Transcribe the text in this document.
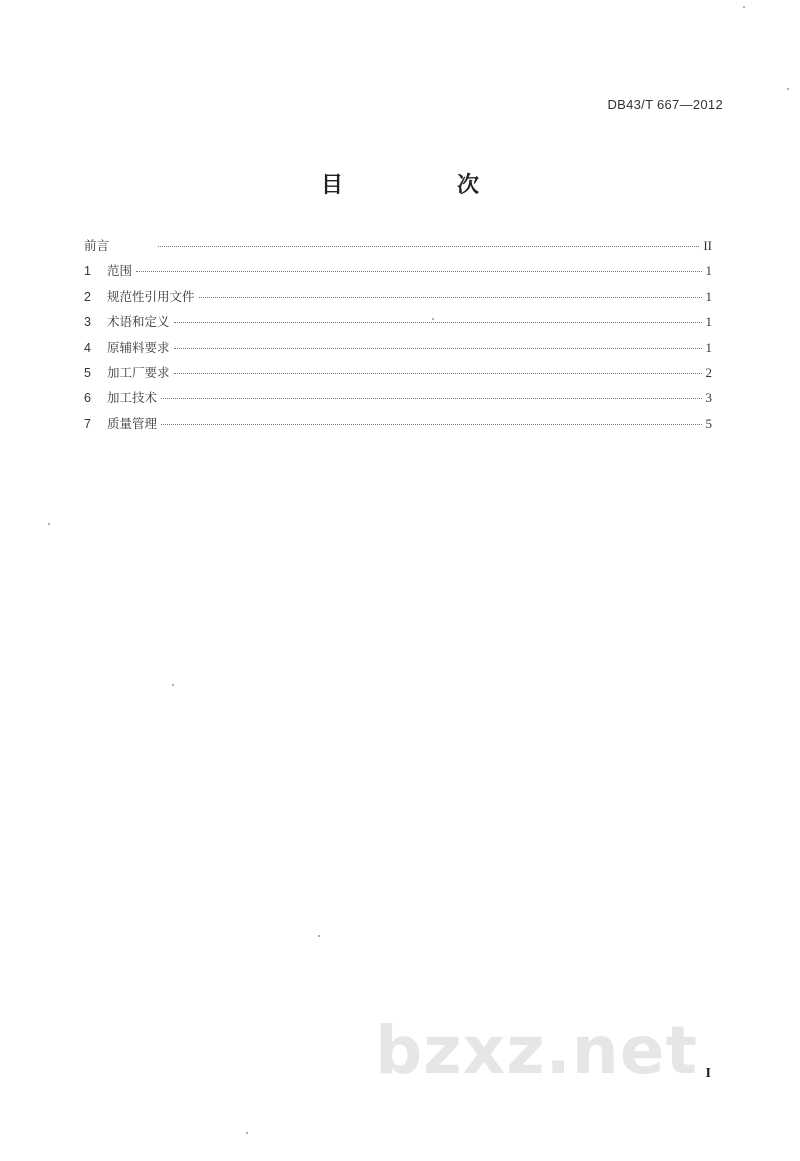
DB43/T 667—2012
目　次
前言	II
1	范围	1
2	规范性引用文件	1
3	术语和定义	1
4	原辅料要求	1
5	加工厂要求	2
6	加工技术	3
7	质量管理	5
bzxz.net I
